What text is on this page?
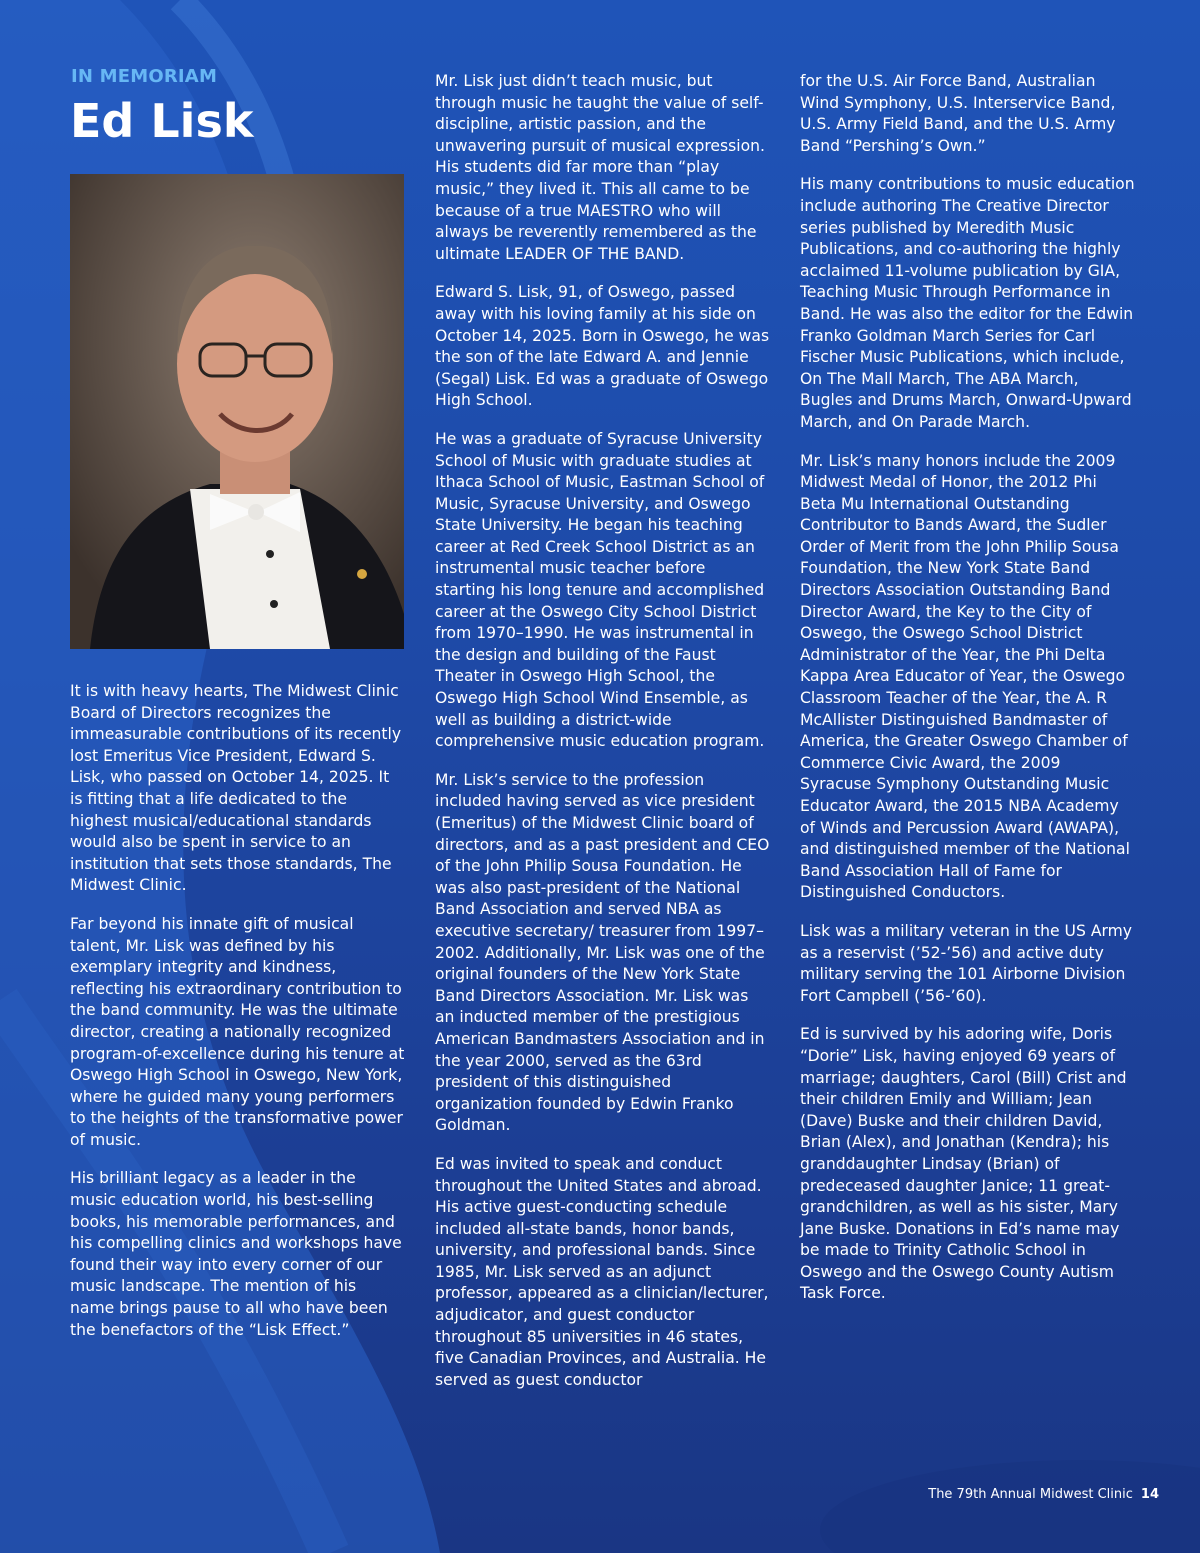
IN MEMORIAM
Ed Lisk

It is with heavy hearts, The Midwest Clinic Board of Directors recognizes the immeasurable contributions of its recently lost Emeritus Vice President, Edward S. Lisk, who passed on October 14, 2025. It is fitting that a life dedicated to the highest musical/educational standards would also be spent in service to an institution that sets those standards, The Midwest Clinic.

Far beyond his innate gift of musical talent, Mr. Lisk was defined by his exemplary integrity and kindness, reflecting his extraordinary contribution to the band community. He was the ultimate director, creating a nationally recognized program-of-excellence during his tenure at Oswego High School in Oswego, New York, where he guided many young performers to the heights of the transformative power of music.

His brilliant legacy as a leader in the music education world, his best-selling books, his memorable performances, and his compelling clinics and workshops have found their way into every corner of our music landscape. The mention of his name brings pause to all who have been the benefactors of the “Lisk Effect.”

Mr. Lisk just didn’t teach music, but through music he taught the value of self-discipline, artistic passion, and the unwavering pursuit of musical expression.  His students did far more than “play music,” they lived it. This all came to be because of a true MAESTRO who will always be reverently remembered as the ultimate LEADER OF THE BAND.

Edward S. Lisk, 91, of Oswego, passed away with his loving family at his side on October 14, 2025. Born in Oswego, he was the son of the late Edward A. and Jennie (Segal) Lisk. Ed was a graduate of Oswego High School.

He was a graduate of Syracuse University School of Music with graduate studies at Ithaca School of Music, Eastman School of Music, Syracuse University, and Oswego State University. He began his teaching career at Red Creek School District as an instrumental music teacher before starting his long tenure and accomplished career at the Oswego City School District from 1970–1990. He was instrumental in the design and building of the Faust Theater in Oswego High School, the Oswego High School Wind Ensemble, as well as building a district-wide comprehensive music education program.

Mr. Lisk’s service to the profession included having served as vice president (Emeritus) of the Midwest Clinic board of directors, and as a past president and CEO of the John Philip Sousa Foundation. He was also past-president of the National Band Association and served NBA as executive secretary/ treasurer from 1997–2002. Additionally, Mr. Lisk was one of the original founders of the New York State Band Directors Association. Mr. Lisk was an inducted member of the prestigious American Bandmasters Association and in the year 2000, served as the 63rd president of this distinguished organization founded by Edwin Franko Goldman.

Ed was invited to speak and conduct throughout the United States and abroad. His active guest-conducting schedule included all-state bands, honor bands, university, and professional bands. Since 1985, Mr. Lisk served as an adjunct professor, appeared as a clinician/lecturer, adjudicator, and guest conductor throughout 85 universities in 46 states, five Canadian Provinces, and Australia. He served as guest conductor

for the U.S. Air Force Band, Australian Wind Symphony, U.S. Interservice Band, U.S. Army Field Band, and the U.S. Army Band “Pershing’s Own.”

His many contributions to music education include authoring The Creative Director series published by Meredith Music Publications, and co-authoring the highly acclaimed 11-volume publication by GIA, Teaching Music Through Performance in Band. He was also the editor for the Edwin Franko Goldman March Series for Carl Fischer Music Publications, which include, On The Mall March, The ABA March, Bugles and Drums March, Onward-Upward March, and On Parade March.

Mr. Lisk’s many honors include the 2009 Midwest Medal of Honor, the 2012 Phi Beta Mu International Outstanding Contributor to Bands Award, the Sudler Order of Merit from the John Philip Sousa Foundation, the New York State Band Directors Association Outstanding Band Director Award, the Key to the City of Oswego, the Oswego School District Administrator of the Year, the Phi Delta Kappa Area Educator of Year, the Oswego Classroom Teacher of the Year, the A. R McAllister Distinguished Bandmaster of America, the Greater Oswego Chamber of Commerce Civic Award, the 2009 Syracuse Symphony Outstanding Music Educator Award, the 2015 NBA Academy of Winds and Percussion Award (AWAPA), and distinguished member of the National Band Association Hall of Fame for Distinguished Conductors.

Lisk was a military veteran in the US Army as a reservist (’52-’56) and active duty military serving the 101 Airborne Division Fort Campbell (’56-’60).

Ed is survived by his adoring wife, Doris “Dorie” Lisk, having enjoyed 69 years of marriage; daughters, Carol (Bill) Crist and their children Emily and William; Jean (Dave) Buske and their children David, Brian (Alex), and Jonathan (Kendra); his granddaughter Lindsay (Brian) of predeceased daughter Janice; 11 great- grandchildren, as well as his sister, Mary Jane Buske. Donations in Ed’s name may be made to Trinity Catholic School in Oswego and the Oswego County Autism Task Force.

The 79th Annual Midwest Clinic 14
